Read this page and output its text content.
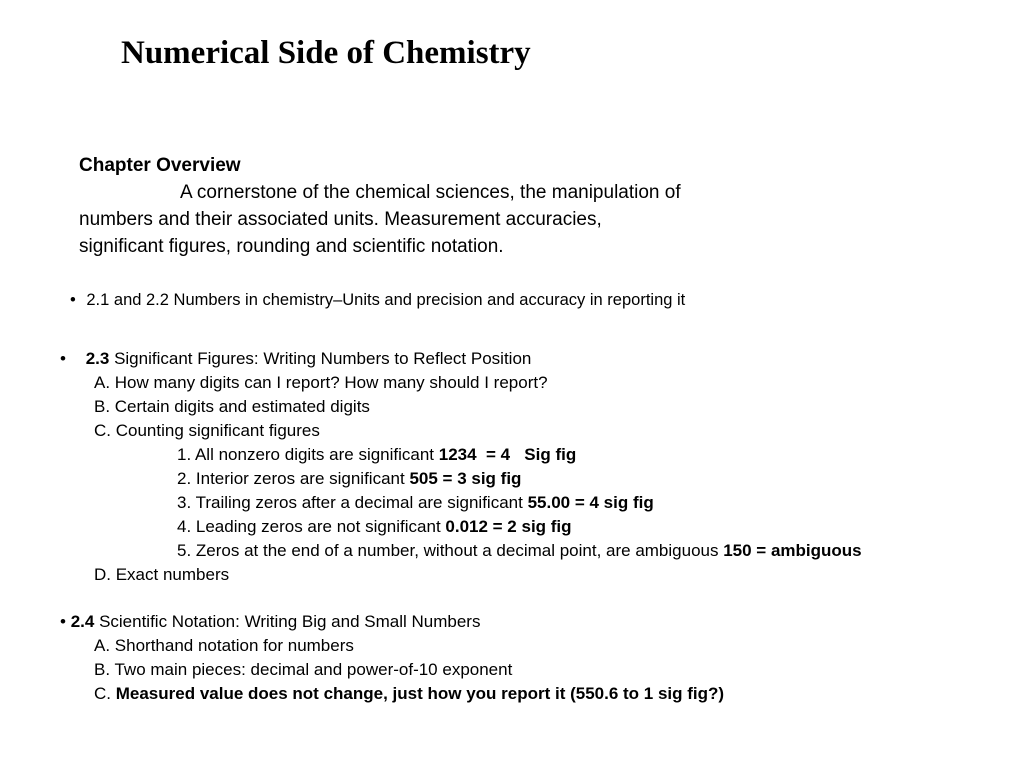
Numerical Side of Chemistry
Chapter Overview
A cornerstone of the chemical sciences, the manipulation of
numbers and their associated units. Measurement accuracies,
significant figures, rounding and scientific notation.
• 2.1 and 2.2 Numbers in chemistry–Units and precision and accuracy in reporting it
• 2.3 Significant Figures: Writing Numbers to Reflect Position
A. How many digits can I report? How many should I report?
B. Certain digits and estimated digits
C. Counting significant figures
1. All nonzero digits are significant 1234  = 4   Sig fig
2. Interior zeros are significant 505 = 3 sig fig
3. Trailing zeros after a decimal are significant 55.00 = 4 sig fig
4. Leading zeros are not significant 0.012 = 2 sig fig
5. Zeros at the end of a number, without a decimal point, are ambiguous 150 = ambiguous
D. Exact numbers
• 2.4 Scientific Notation: Writing Big and Small Numbers
A. Shorthand notation for numbers
B. Two main pieces: decimal and power-of-10 exponent
C. Measured value does not change, just how you report it (550.6 to 1 sig fig?)
